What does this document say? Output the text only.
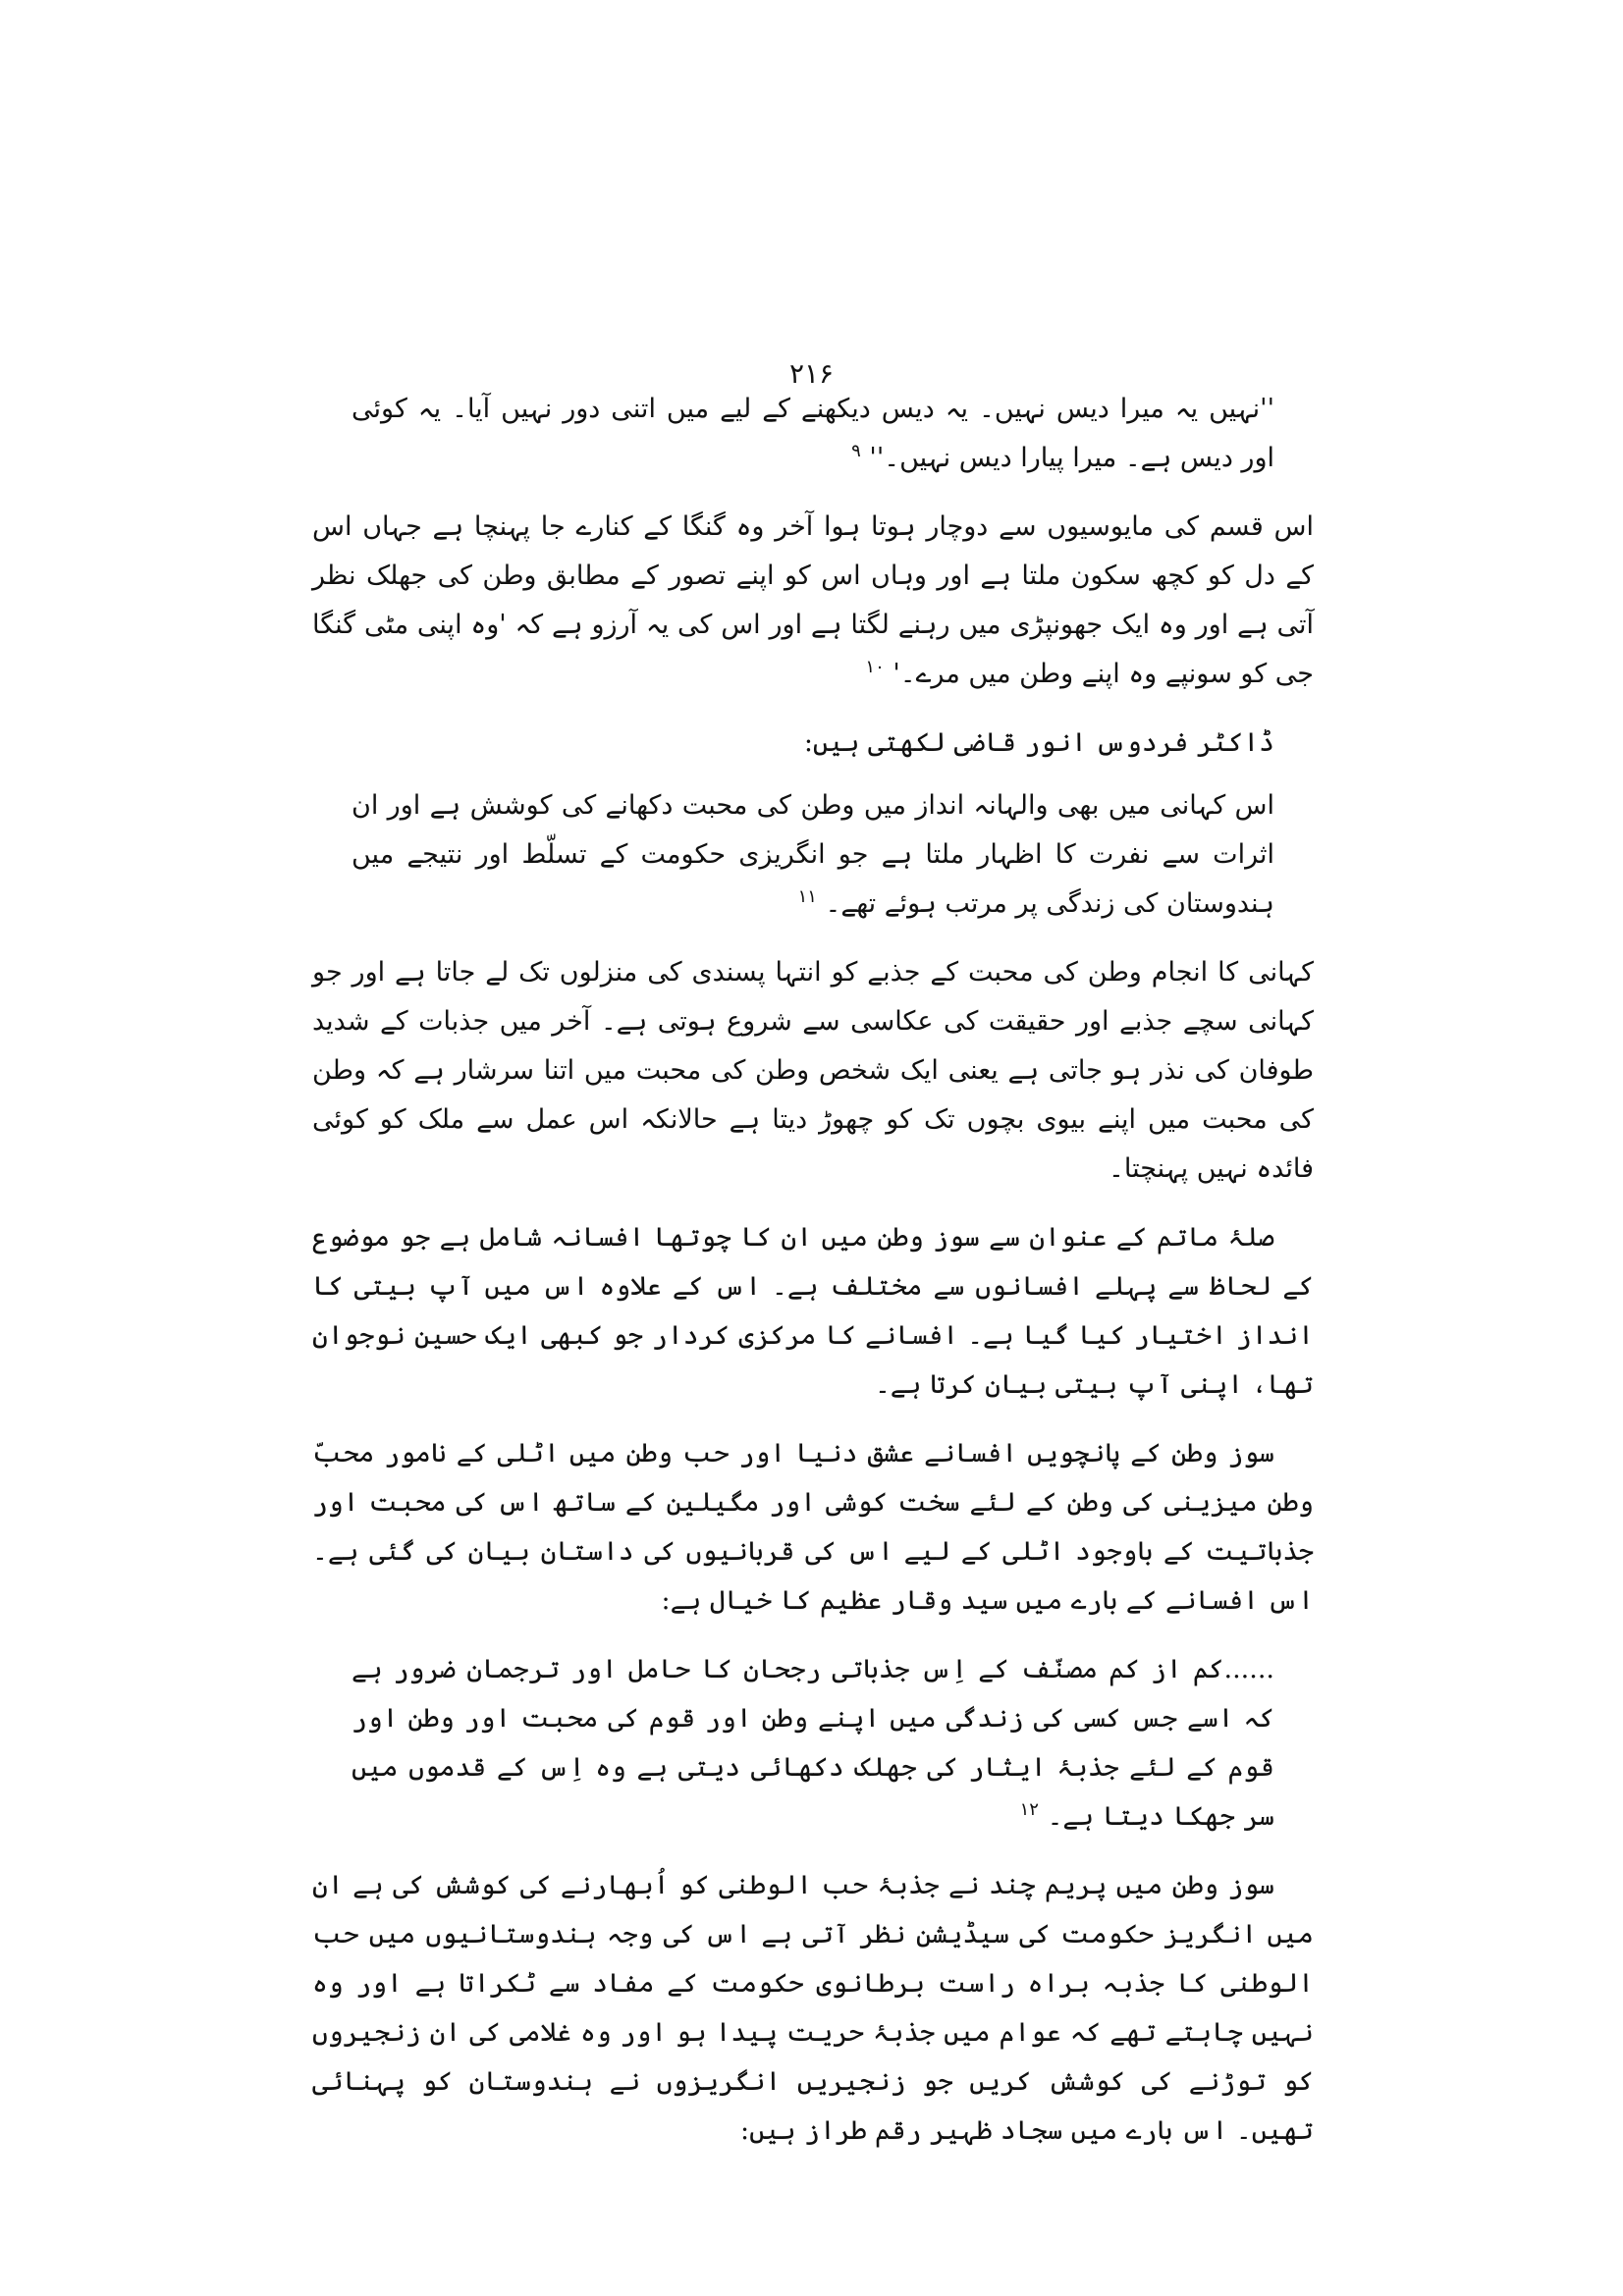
۲۱۶

''نہیں یہ میرا دیس نہیں۔ یہ دیس دیکھنے کے لیے میں اتنی دور نہیں آیا۔ یہ کوئی اور دیس ہے۔ میرا پیارا دیس نہیں۔'' $^۹$

اس قسم کی مایوسیوں سے دوچار ہوتا ہوا آخر وہ گنگا کے کنارے جا پہنچا ہے جہاں اس کے دل کو کچھ سکون ملتا ہے اور وہاں اس کو اپنے تصور کے مطابق وطن کی جھلک نظر آتی ہے اور وہ ایک جھونپڑی میں رہنے لگتا ہے اور اس کی یہ آرزو ہے کہ 'وہ اپنی مٹی گنگا جی کو سونپے وہ اپنے وطن میں مرے۔' $^{۱۰}$

ڈاکٹر فردوس انور قاضی لکھتی ہیں:

اس کہانی میں بھی والہانہ انداز میں وطن کی محبت دکھانے کی کوشش ہے اور ان اثرات سے نفرت کا اظہار ملتا ہے جو انگریزی حکومت کے تسلّط اور نتیجے میں ہندوستان کی زندگی پر مرتب ہوئے تھے۔ $^{۱۱}$

کہانی کا انجام وطن کی محبت کے جذبے کو انتہا پسندی کی منزلوں تک لے جاتا ہے اور جو کہانی سچے جذبے اور حقیقت کی عکاسی سے شروع ہوتی ہے۔ آخر میں جذبات کے شدید طوفان کی نذر ہو جاتی ہے یعنی ایک شخص وطن کی محبت میں اتنا سرشار ہے کہ وطن کی محبت میں اپنے بیوی بچوں تک کو چھوڑ دیتا ہے حالانکہ اس عمل سے ملک کو کوئی فائدہ نہیں پہنچتا۔

صلۂ ماتم کے عنوان سے سوز وطن میں ان کا چوتھا افسانہ شامل ہے جو موضوع کے لحاظ سے پہلے افسانوں سے مختلف ہے۔ اس کے علاوہ اس میں آپ بیتی کا انداز اختیار کیا گیا ہے۔ افسانے کا مرکزی کردار جو کبھی ایک حسین نوجوان تھا، اپنی آپ بیتی بیان کرتا ہے۔

سوز وطن کے پانچویں افسانے عشق دنیا اور حب وطن میں اٹلی کے نامور محبّ وطن میزینی کی وطن کے لئے سخت کوشی اور مگیلین کے ساتھ اس کی محبت اور جذباتیت کے باوجود اٹلی کے لیے اس کی قربانیوں کی داستان بیان کی گئی ہے۔ اس افسانے کے بارے میں سید وقار عظیم کا خیال ہے:

......کم از کم مصنّف کے اِس جذباتی رجحان کا حامل اور ترجمان ضرور ہے کہ اسے جس کسی کی زندگی میں اپنے وطن اور قوم کی محبت اور وطن اور قوم کے لئے جذبۂ ایثار کی جھلک دکھائی دیتی ہے وہ اِس کے قدموں میں سر جھکا دیتا ہے۔ $^{۱۲}$

سوز وطن میں پریم چند نے جذبۂ حب الوطنی کو اُبھارنے کی کوشش کی ہے ان میں انگریز حکومت کی سیڈیشن نظر آتی ہے اس کی وجہ ہندوستانیوں میں حب الوطنی کا جذبہ براہ راست برطانوی حکومت کے مفاد سے ٹکراتا ہے اور وہ نہیں چاہتے تھے کہ عوام میں جذبۂ حریت پیدا ہو اور وہ غلامی کی ان زنجیروں کو توڑنے کی کوشش کریں جو زنجیریں انگریزوں نے ہندوستان کو پہنائی تھیں۔ اس بارے میں سجاد ظہیر رقم طراز ہیں:
